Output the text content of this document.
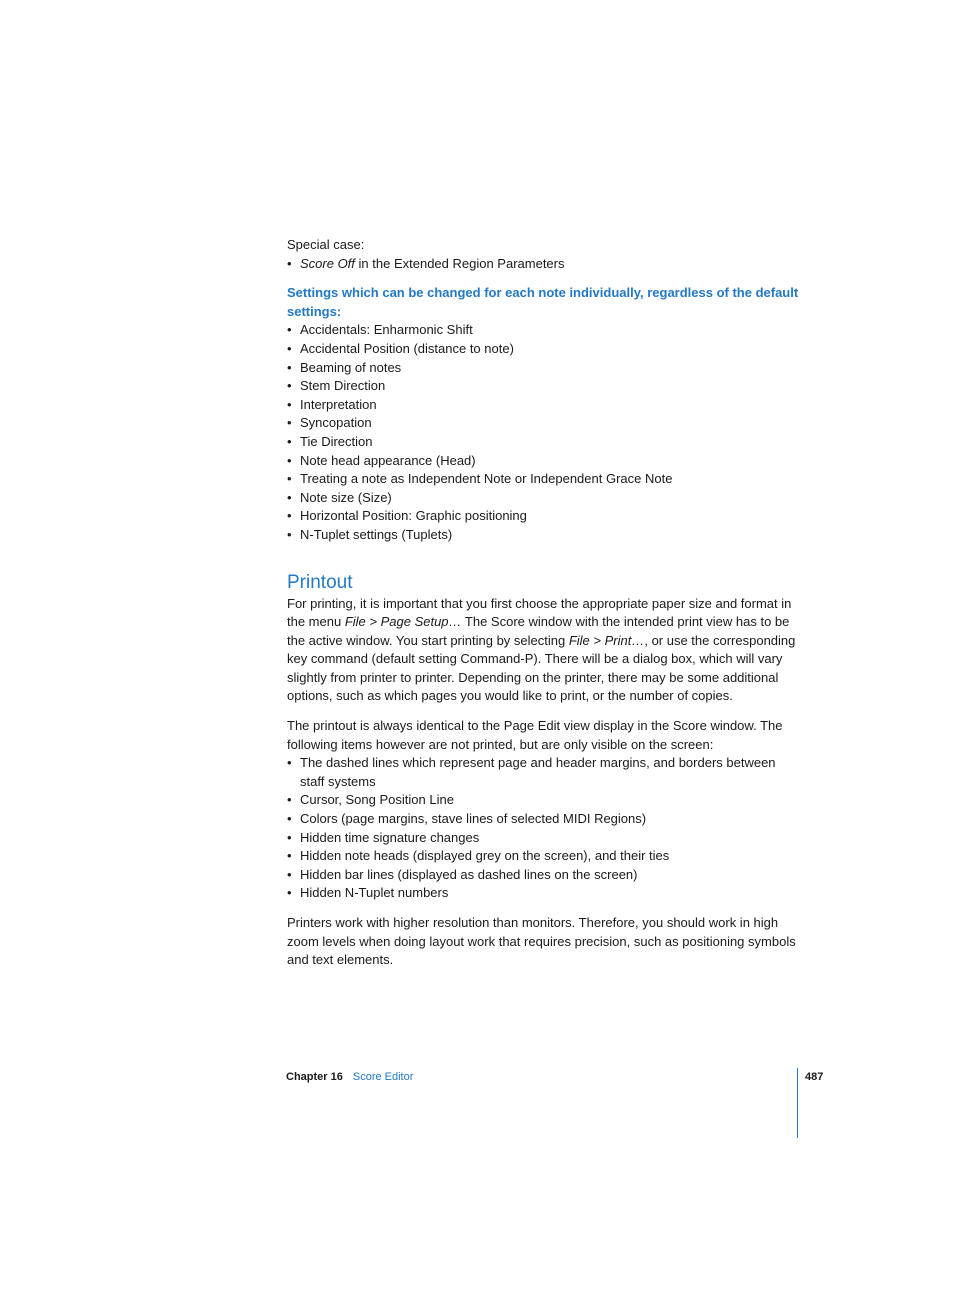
Special case:

• Score Off in the Extended Region Parameters

Settings which can be changed for each note individually, regardless of the default settings:

• Accidentals: Enharmonic Shift
• Accidental Position (distance to note)
• Beaming of notes
• Stem Direction
• Interpretation
• Syncopation
• Tie Direction
• Note head appearance (Head)
• Treating a note as Independent Note or Independent Grace Note
• Note size (Size)
• Horizontal Position: Graphic positioning
• N-Tuplet settings (Tuplets)
Printout

For printing, it is important that you first choose the appropriate paper size and format in the menu File > Page Setup… The Score window with the intended print view has to be the active window. You start printing by selecting File > Print…, or use the corresponding key command (default setting Command-P). There will be a dialog box, which will vary slightly from printer to printer. Depending on the printer, there may be some additional options, such as which pages you would like to print, or the number of copies.

The printout is always identical to the Page Edit view display in the Score window. The following items however are not printed, but are only visible on the screen:

• The dashed lines which represent page and header margins, and borders between staff systems
• Cursor, Song Position Line
• Colors (page margins, stave lines of selected MIDI Regions)
• Hidden time signature changes
• Hidden note heads (displayed grey on the screen), and their ties
• Hidden bar lines (displayed as dashed lines on the screen)
• Hidden N-Tuplet numbers

Printers work with higher resolution than monitors. Therefore, you should work in high zoom levels when doing layout work that requires precision, such as positioning symbols and text elements.

Chapter 16 Score Editor	487
